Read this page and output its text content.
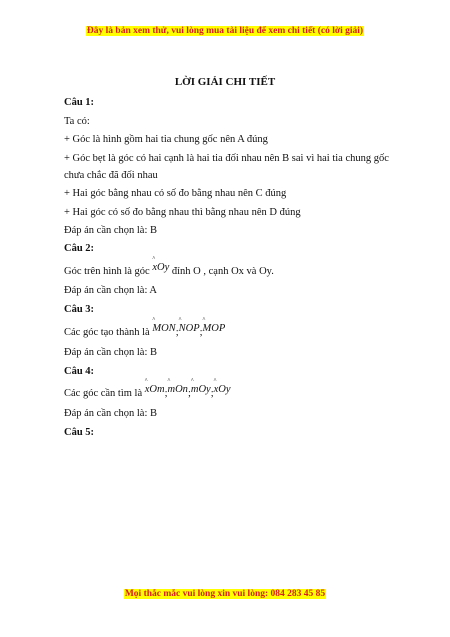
Đây là bản xem thử, vui lòng mua tài liệu để xem chi tiết (có lời giải)
LỜI GIẢI CHI TIẾT
Câu 1:
Ta có:
+ Góc là hình gồm hai tia chung gốc nên A đúng
+ Góc bẹt là góc có hai cạnh là hai tia đối nhau nên B sai vì hai tia chung gốc
chưa chắc đã đối nhau
+ Hai góc bằng nhau có số đo bằng nhau nên C đúng
+ Hai góc có số đo bằng nhau thì bằng nhau nên D đúng
Đáp án cần chọn là: B
Câu 2:
Góc trên hình là góc
^
xOy đỉnh O , cạnh Ox và Oy.
Đáp án cần chọn là: A
Câu 3:
Các góc tạo thành là
^
MON;
^
NOP;
^
MOP
Đáp án cần chọn là: B
Câu 4:
Các góc cần tìm là
^
xOm;
^
mOn;
^
mOy;
^
xOy
Đáp án cần chọn là: B
Câu 5:
Mọi thắc mắc vui lòng xin vui lòng: 084 283 45 85
